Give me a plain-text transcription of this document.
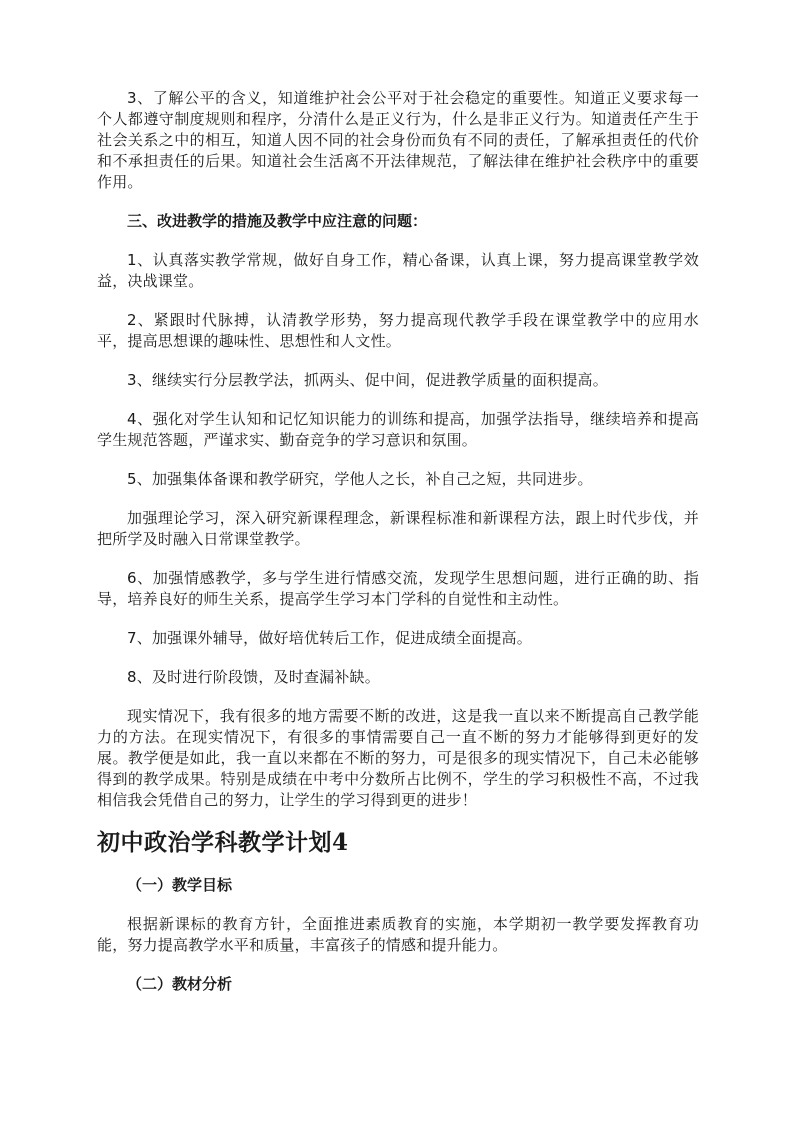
3、了解公平的含义，知道维护社会公平对于社会稳定的重要性。知道正义要求每一个人都遵守制度规则和程序，分清什么是正义行为，什么是非正义行为。知道责任产生于社会关系之中的相互，知道人因不同的社会身份而负有不同的责任，了解承担责任的代价和不承担责任的后果。知道社会生活离不开法律规范，了解法律在维护社会秩序中的重要作用。

三、改进教学的措施及教学中应注意的问题：

1、认真落实教学常规，做好自身工作，精心备课，认真上课，努力提高课堂教学效益，决战课堂。

2、紧跟时代脉搏，认清教学形势，努力提高现代教学手段在课堂教学中的应用水平，提高思想课的趣味性、思想性和人文性。

3、继续实行分层教学法，抓两头、促中间，促进教学质量的面积提高。

4、强化对学生认知和记忆知识能力的训练和提高，加强学法指导，继续培养和提高学生规范答题，严谨求实、勤奋竞争的学习意识和氛围。

5、加强集体备课和教学研究，学他人之长，补自己之短，共同进步。

加强理论学习，深入研究新课程理念，新课程标准和新课程方法，跟上时代步伐，并把所学及时融入日常课堂教学。

6、加强情感教学，多与学生进行情感交流，发现学生思想问题，进行正确的助、指导，培养良好的师生关系，提高学生学习本门学科的自觉性和主动性。

7、加强课外辅导，做好培优转后工作，促进成绩全面提高。

8、及时进行阶段馈，及时查漏补缺。

现实情况下，我有很多的地方需要不断的改进，这是我一直以来不断提高自己教学能力的方法。在现实情况下，有很多的事情需要自己一直不断的努力才能够得到更好的发展。教学便是如此，我一直以来都在不断的努力，可是很多的现实情况下，自己未必能够得到的教学成果。特别是成绩在中考中分数所占比例不，学生的学习积极性不高，不过我相信我会凭借自己的努力，让学生的学习得到更的进步！

初中政治学科教学计划4

（一）教学目标

根据新课标的教育方针，全面推进素质教育的实施，本学期初一教学要发挥教育功能，努力提高教学水平和质量，丰富孩子的情感和提升能力。

（二）教材分析
